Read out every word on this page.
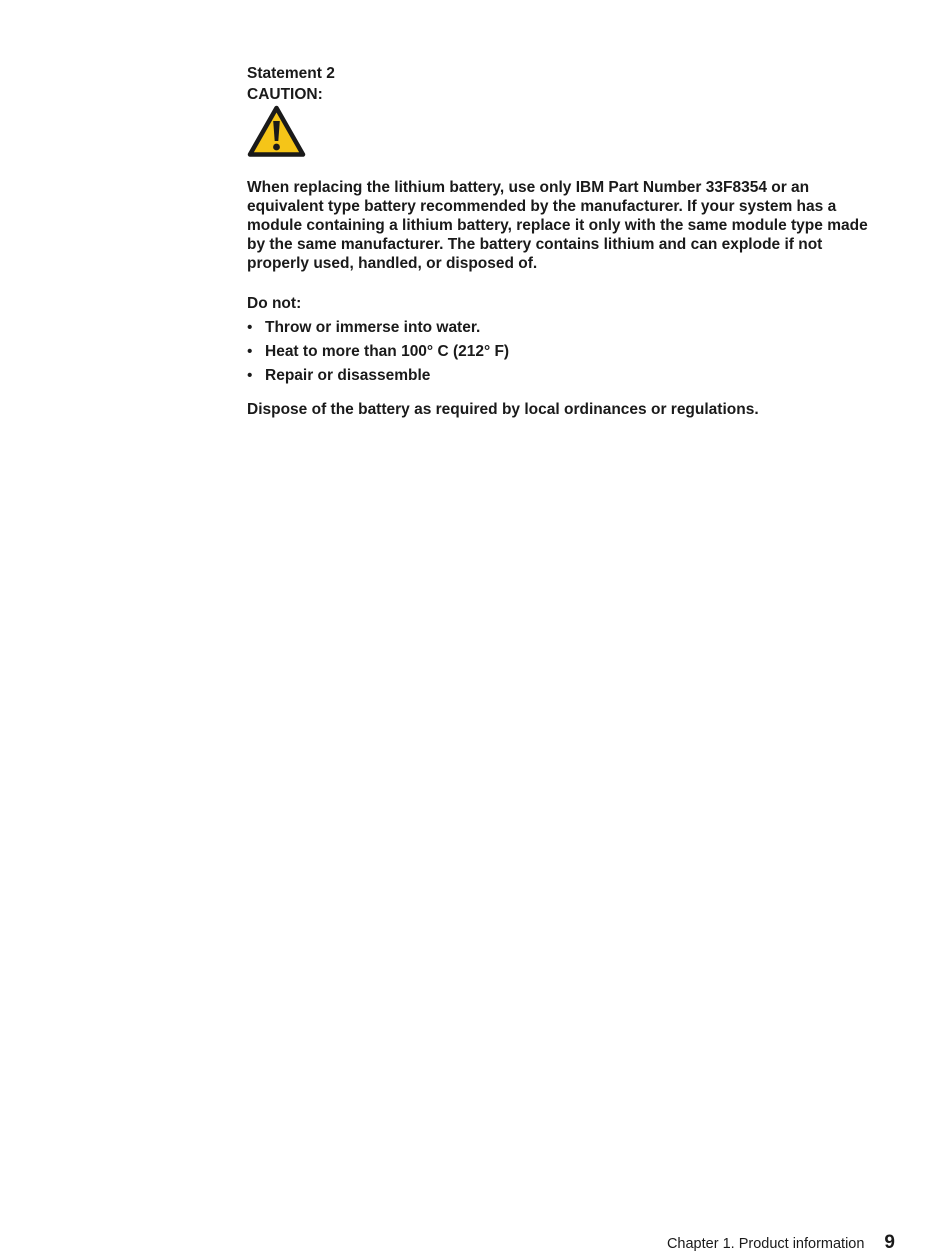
Statement 2

CAUTION:

When replacing the lithium battery, use only IBM Part Number 33F8354 or an equivalent type battery recommended by the manufacturer. If your system has a module containing a lithium battery, replace it only with the same module type made by the same manufacturer. The battery contains lithium and can explode if not properly used, handled, or disposed of.

Do not:

• Throw or immerse into water.
• Heat to more than 100° C (212° F)
• Repair or disassemble

Dispose of the battery as required by local ordinances or regulations.

Chapter 1. Product information 9
